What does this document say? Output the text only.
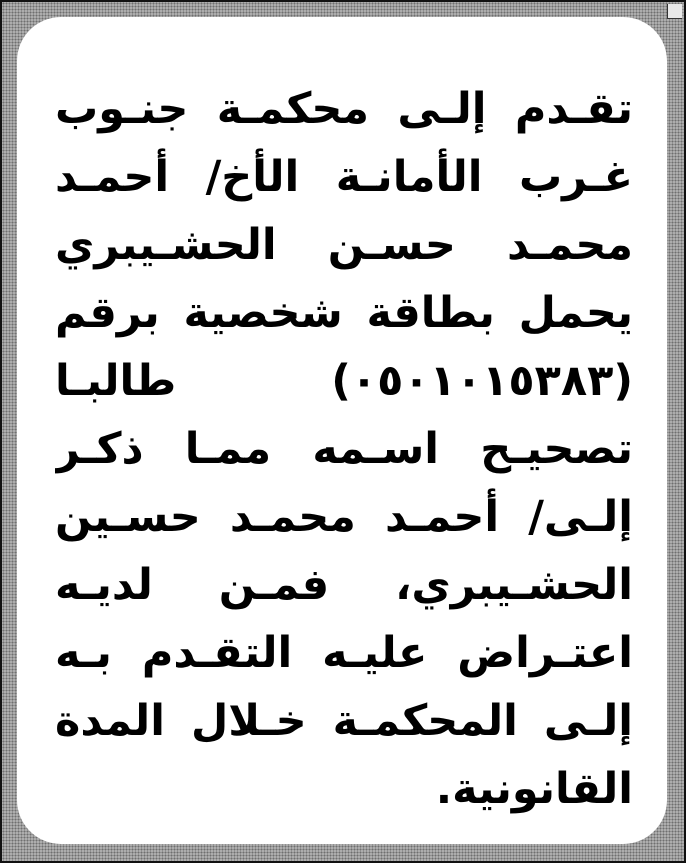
تقـدم إلـى محكمـة جنـوب
غـرب الأمانـة الأخ/ أحمـد
محمـد حسـن الحشـيبري
يحمل بطاقة شخصية برقم
(٠٥٠١٠١٥٣٨٣) طالبـا
تصحيـح اسـمه ممـا ذكـر
إلـى/ أحمـد محمـد حسـين
الحشـيبري، فمـن لديـه
اعتـراض عليـه التقـدم بـه
إلـى المحكمـة خـلال المدة
القانونية.
